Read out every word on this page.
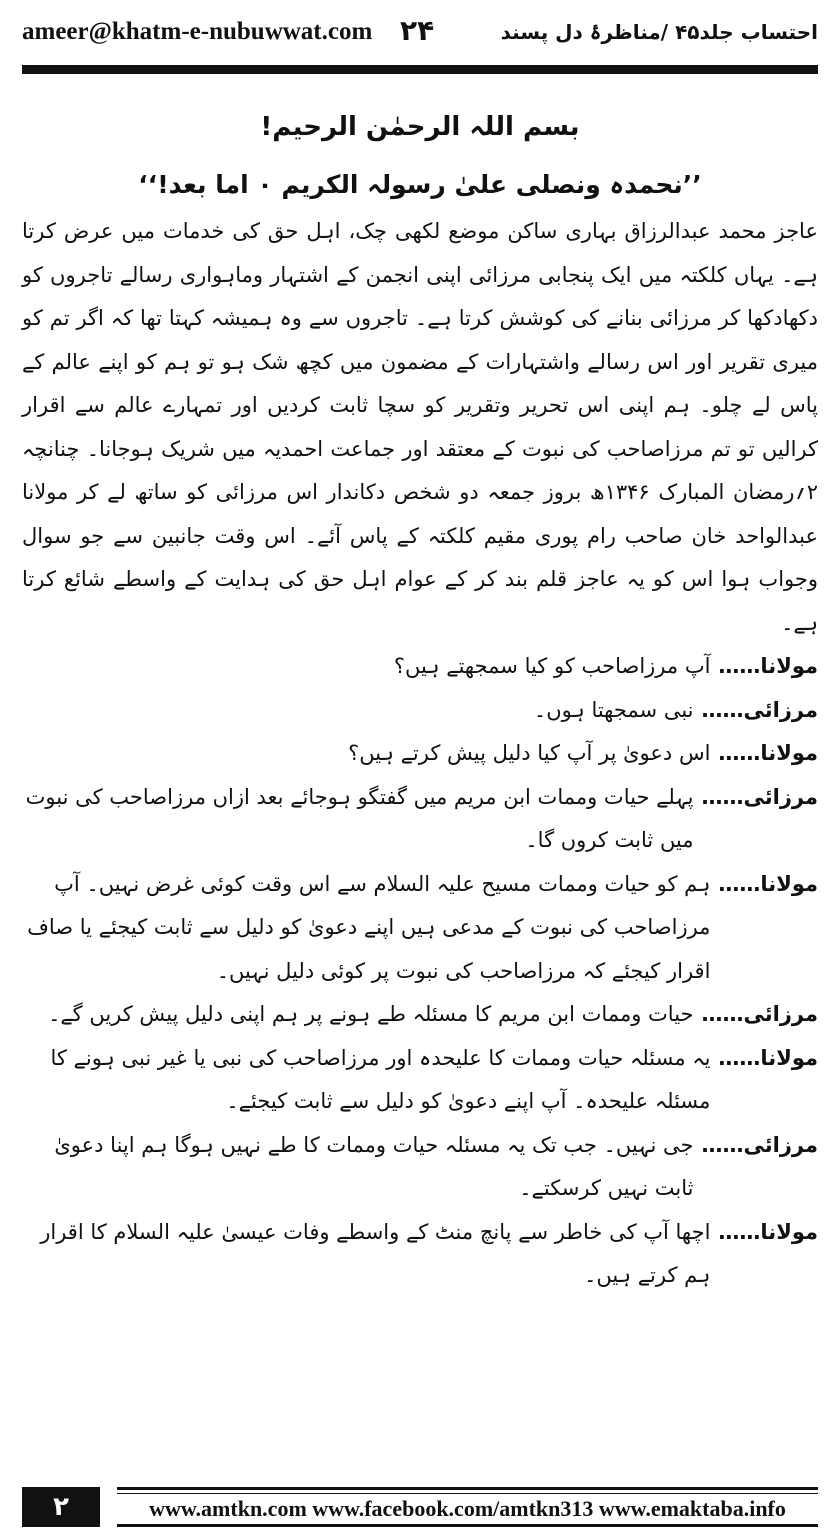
ameer@khatm-e-nubuwwat.com ۲۴	احتساب جلد۴۵ /مناظرۂ دل پسند
بسم اللہ الرحمٰن الرحیم!
’’نحمدہ ونصلی علیٰ رسولہ الکریم ۰ اما بعد!‘‘

عاجز محمد عبدالرزاق بہاری ساکن موضع لکھی چک، اہل حق کی خدمات میں عرض کرتا ہے۔ یہاں کلکتہ میں ایک پنجابی مرزائی اپنی انجمن کے اشتہار وماہواری رسالے تاجروں کو دکھادکھا کر مرزائی بنانے کی کوشش کرتا ہے۔ تاجروں سے وہ ہمیشہ کہتا تھا کہ اگر تم کو میری تقریر اور اس رسالے واشتہارات کے مضمون میں کچھ شک ہو تو ہم کو اپنے عالم کے پاس لے چلو۔ ہم اپنی اس تحریر وتقریر کو سچا ثابت کردیں اور تمہارے عالم سے اقرار کرالیں تو تم مرزاصاحب کی نبوت کے معتقد اور جماعت احمدیہ میں شریک ہوجانا۔ چنانچہ ۲؍رمضان المبارک ۱۳۴۶ھ بروز جمعہ دو شخص دکاندار اس مرزائی کو ساتھ لے کر مولانا عبدالواحد خان صاحب رام پوری مقیم کلکتہ کے پاس آئے۔ اس وقت جانبین سے جو سوال وجواب ہوا اس کو یہ عاجز قلم بند کر کے عوام اہل حق کی ہدایت کے واسطے شائع کرتا ہے۔

مولانا……
آپ مرزاصاحب کو کیا سمجھتے ہیں؟
مرزائی……
نبی سمجھتا ہوں۔
مولانا……
اس دعویٰ پر آپ کیا دلیل پیش کرتے ہیں؟
مرزائی……
پہلے حیات وممات ابن مریم میں گفتگو ہوجائے بعد ازاں مرزاصاحب کی نبوت میں ثابت کروں گا۔
مولانا……
ہم کو حیات وممات مسیح علیہ السلام سے اس وقت کوئی غرض نہیں۔ آپ مرزاصاحب کی نبوت کے مدعی ہیں اپنے دعویٰ کو دلیل سے ثابت کیجئے یا صاف اقرار کیجئے کہ مرزاصاحب کی نبوت پر کوئی دلیل نہیں۔
مرزائی……
حیات وممات ابن مریم کا مسئلہ طے ہونے پر ہم اپنی دلیل پیش کریں گے۔
مولانا……
یہ مسئلہ حیات وممات کا علیحدہ اور مرزاصاحب کی نبی یا غیر نبی ہونے کا مسئلہ علیحدہ۔ آپ اپنے دعویٰ کو دلیل سے ثابت کیجئے۔
مرزائی……
جی نہیں۔ جب تک یہ مسئلہ حیات وممات کا طے نہیں ہوگا ہم اپنا دعویٰ ثابت نہیں کرسکتے۔
مولانا……
اچھا آپ کی خاطر سے پانچ منٹ کے واسطے وفات عیسیٰ علیہ السلام کا اقرار ہم کرتے ہیں۔
۲	www.amtkn.com www.facebook.com/amtkn313 www.emaktaba.info
